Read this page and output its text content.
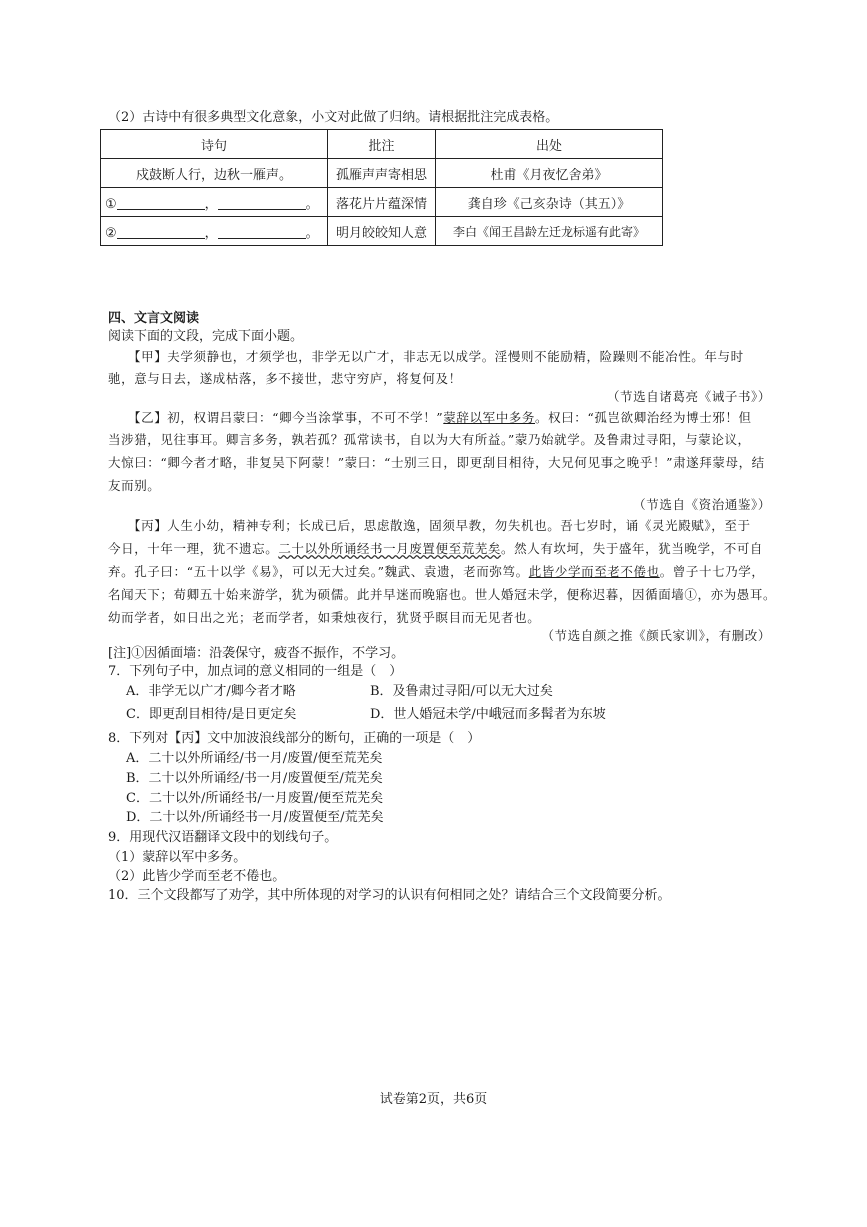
（2）古诗中有很多典型文化意象，小文对此做了归纳。请根据批注完成表格。
诗句	批注	出处
戍鼓断人行，边秋一雁声。	孤雁声声寄相思	杜甫《月夜忆舍弟》
① ， 。	落花片片蕴深情	龚自珍《己亥杂诗（其五）》
② ， 。	明月皎皎知人意	李白《闻王昌龄左迁龙标遥有此寄》
四、文言文阅读
阅读下面的文段，完成下面小题。
【甲】夫学须静也，才须学也，非学无以广才，非志无以成学。淫慢则不能励精，险躁则不能冶性。年与时
驰，意与日去，遂成枯落，多不接世，悲守穷庐，将复何及！
（节选自诸葛亮《诫子书》）
【乙】初，权谓吕蒙曰：“卿今当涂掌事，不可不学！”蒙辞以军中多务。权曰：“孤岂欲卿治经为博士邪！但
当涉猎，见往事耳。卿言多务，孰若孤？孤常读书，自以为大有所益。”蒙乃始就学。及鲁肃过寻阳，与蒙论议，
大惊曰：“卿今者才略，非复吴下阿蒙！”蒙曰：“士别三日，即更刮目相待，大兄何见事之晚乎！”肃遂拜蒙母，结
友而别。
（节选自《资治通鉴》）
【丙】人生小幼，精神专利；长成已后，思虑散逸，固须早教，勿失机也。吾七岁时，诵《灵光殿赋》，至于
今日，十年一理，犹不遗忘。二十以外所诵经书一月废置便至荒芜矣。然人有坎坷，失于盛年，犹当晚学，不可自
弃。孔子曰：“五十以学《易》，可以无大过矣。”魏武、袁遗，老而弥笃。此皆少学而至老不倦也。曾子十七乃学，
名闻天下；荀卿五十始来游学，犹为硕儒。此并早迷而晚寤也。世人婚冠未学，便称迟暮，因循面墙①，亦为愚耳。
幼而学者，如日出之光；老而学者，如秉烛夜行，犹贤乎瞑目而无见者也。
（节选自颜之推《颜氏家训》，有删改）
[注]①因循面墙：沿袭保守，疲沓不振作，不学习。
7．下列句子中，加点词的意义相同的一组是（　）
A．非学无以广才/卿今者才略	B．及鲁肃过寻阳/可以无大过矣
C．即更刮目相待/是日更定矣	D．世人婚冠未学/中峨冠而多髯者为东坡
8．下列对【丙】文中加波浪线部分的断句，正确的一项是（　）
A．二十以外所诵经/书一月/废置/便至荒芜矣
B．二十以外所诵经/书一月/废置便至/荒芜矣
C．二十以外/所诵经书/一月废置/便至荒芜矣
D．二十以外/所诵经书一月/废置便至/荒芜矣
9．用现代汉语翻译文段中的划线句子。
（1）蒙辞以军中多务。
（2）此皆少学而至老不倦也。
10．三个文段都写了劝学，其中所体现的对学习的认识有何相同之处？请结合三个文段简要分析。
试卷第2页，共6页
